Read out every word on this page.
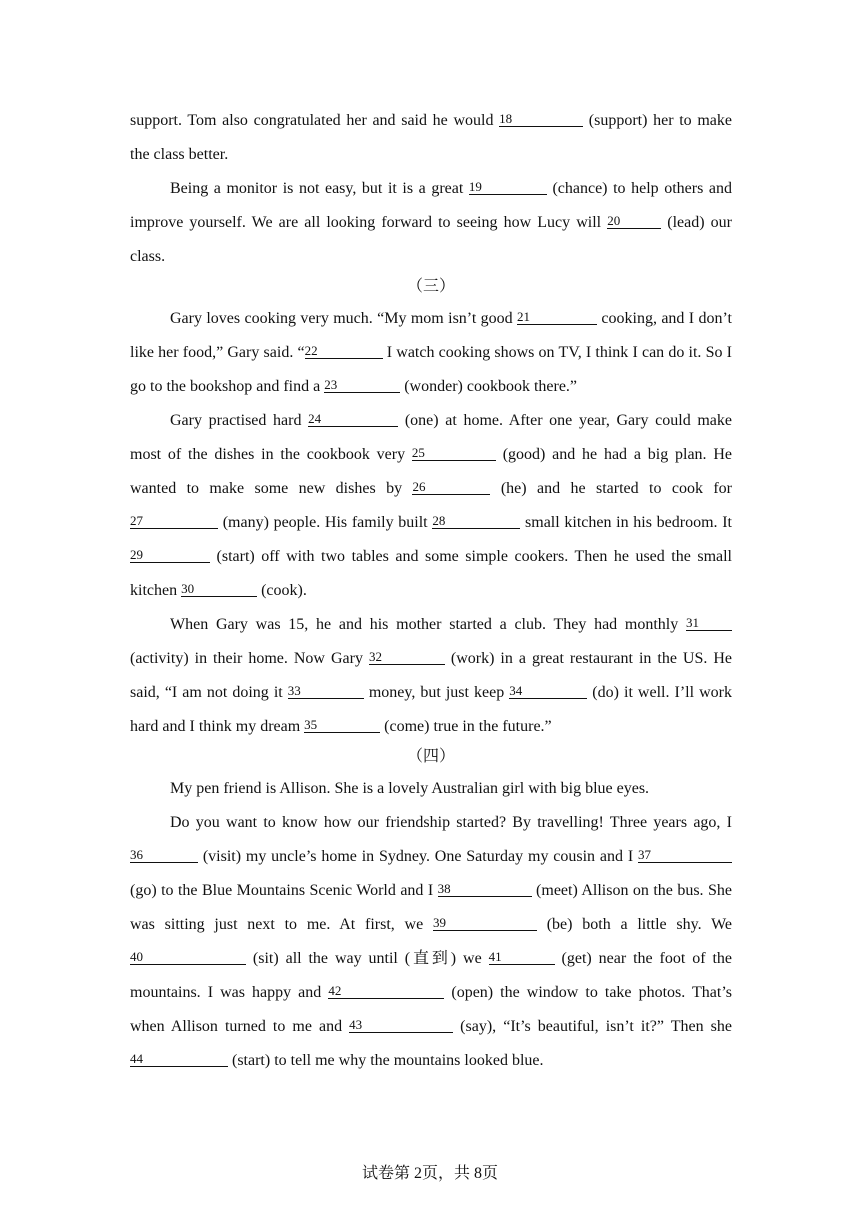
support. Tom also congratulated her and said he would 18	(support) her to make the class better.

Being a monitor is not easy, but it is a great 19	(chance) to help others and improve yourself. We are all looking forward to seeing how Lucy will 20	(lead) our class.

（三）

Gary loves cooking very much. “My mom isn’t good 21	cooking, and I don’t like her food,” Gary said. “22	I watch cooking shows on TV, I think I can do it. So I go to the bookshop and find a 23	(wonder) cookbook there.”

Gary practised hard 24	(one) at home. After one year, Gary could make most of the dishes in the cookbook very 25	(good) and he had a big plan. He wanted to make some new dishes by 26	(he) and he started to cook for 27	(many) people. His family built 28	small kitchen in his bedroom. It 29	(start) off with two tables and some simple cookers. Then he used the small kitchen 30	(cook).

When Gary was 15, he and his mother started a club. They had monthly 31 (activity) in their home. Now Gary 32	(work) in a great restaurant in the US. He said, “I am not doing it 33	money, but just keep 34	(do) it well. I’ll work hard and I think my dream 35	(come) true in the future.”

（四）

My pen friend is Allison. She is a lovely Australian girl with big blue eyes.

Do you want to know how our friendship started? By travelling! Three years ago, I 36	(visit) my uncle’s home in Sydney. One Saturday my cousin and I 37 (go) to the Blue Mountains Scenic World and I 38	(meet) Allison on the bus. She was sitting just next to me. At first, we 39	(be) both a little shy. We 40	(sit) all the way until (直到) we 41	(get) near the foot of the mountains. I was happy and 42	(open) the window to take photos. That’s when Allison turned to me and 43	(say), “It’s beautiful, isn’t it?” Then she 44	(start) to tell me why the mountains looked blue.

试卷第 2页，共 8页
